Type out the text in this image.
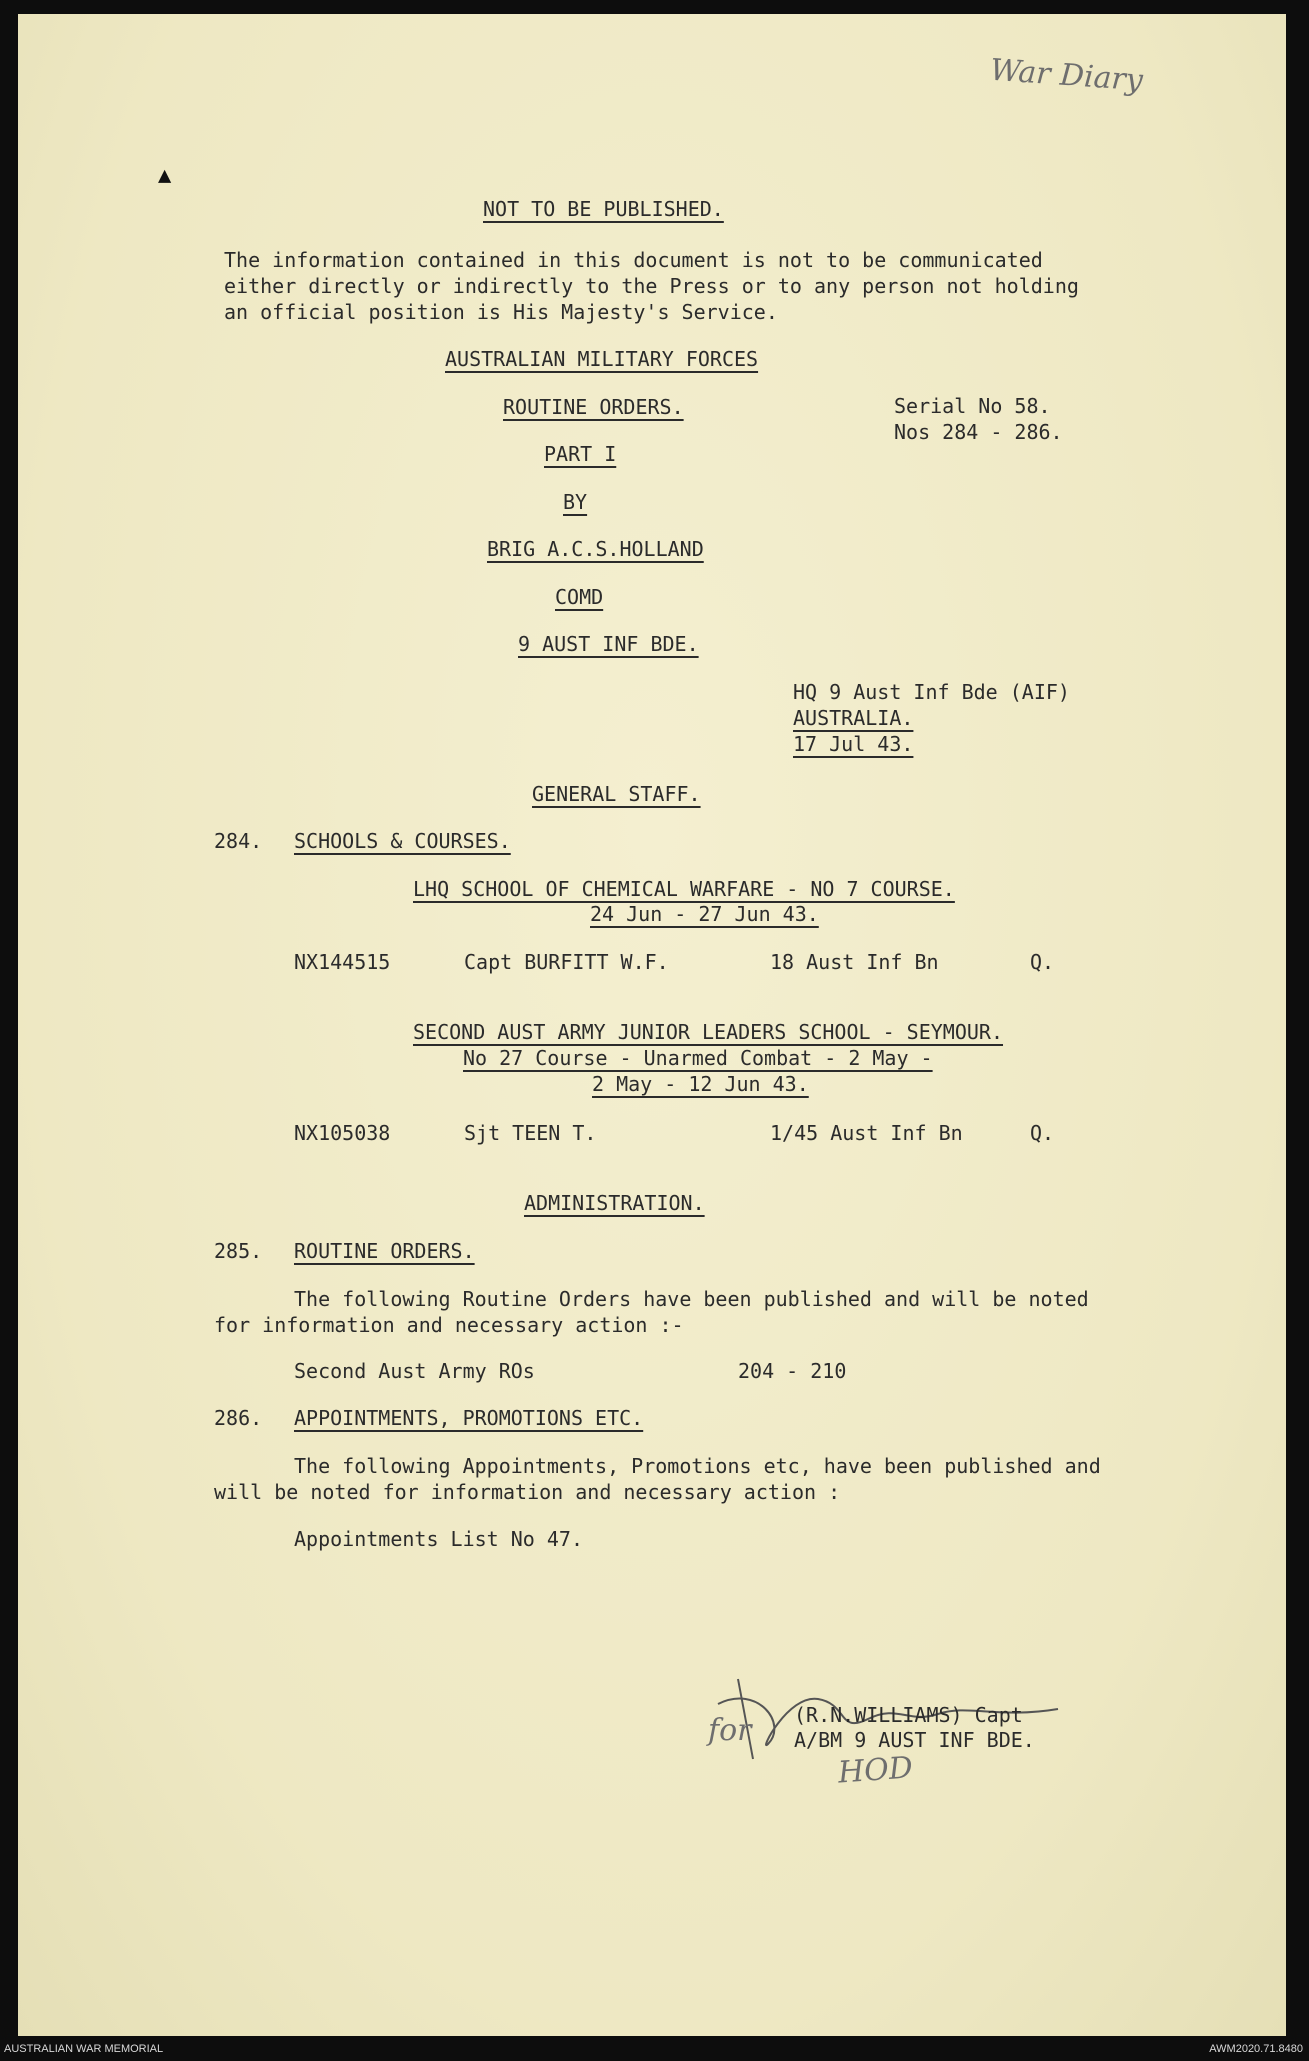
War Diary
▲
NOT TO BE PUBLISHED.
The information contained in this document is not to be communicated
either directly or indirectly to the Press or to any person not holding
an official position is His Majesty's Service.
AUSTRALIAN MILITARY FORCES
ROUTINE ORDERS.	Serial No 58.
Nos 284 - 286.
PART I
BY
BRIG A.C.S.HOLLAND
COMD
9 AUST INF BDE.
HQ 9 Aust Inf Bde (AIF)
AUSTRALIA.
17 Jul 43.
GENERAL STAFF.
284. SCHOOLS & COURSES.
LHQ SCHOOL OF CHEMICAL WARFARE - NO 7 COURSE.
24 Jun - 27 Jun 43.
NX144515	Capt BURFITT W.F.	18 Aust Inf Bn	Q.
SECOND AUST ARMY JUNIOR LEADERS SCHOOL - SEYMOUR.
No 27 Course - Unarmed Combat - 2 May -
2 May - 12 Jun 43.
NX105038	Sjt TEEN T.	1/45 Aust Inf Bn	Q.
ADMINISTRATION.
285. ROUTINE ORDERS.
The following Routine Orders have been published and will be noted
for information and necessary action :-
Second Aust Army ROs	204 - 210
286. APPOINTMENTS, PROMOTIONS ETC.
The following Appointments, Promotions etc, have been published and
will be noted for information and necessary action :
Appointments List No 47.
(R.N.WILLIAMS) Capt
A/BM 9 AUST INF BDE.
for
HOD
AUSTRALIAN WAR MEMORIAL	AWM2020.71.8480
